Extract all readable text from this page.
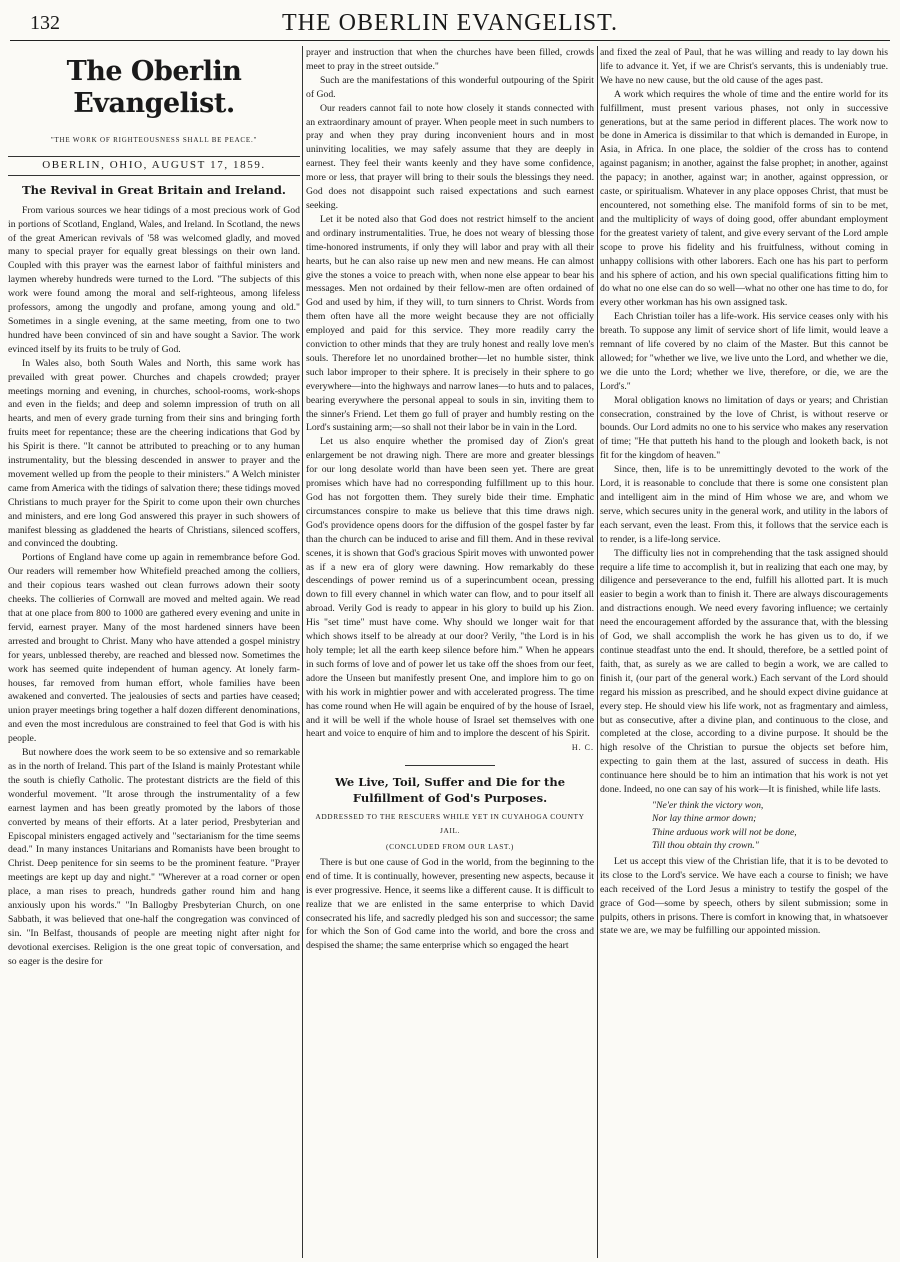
132	THE OBERLIN EVANGELIST.
The Oberlin Evangelist.
"THE WORK OF RIGHTEOUSNESS SHALL BE PEACE."
OBERLIN, OHIO, AUGUST 17, 1859.
The Revival in Great Britain and Ireland.

From various sources we hear tidings of a most precious work of God in portions of Scotland, England, Wales, and Ireland. In Scotland, the news of the great American revivals of '58 was welcomed gladly, and moved many to special prayer for equally great blessings on their own land. Coupled with this prayer was the earnest labor of faithful ministers and laymen whereby hundreds were turned to the Lord. "The subjects of this work were found among the moral and self-righteous, among lifeless professors, among the ungodly and profane, among young and old." Sometimes in a single evening, at the same meeting, from one to two hundred have been convinced of sin and have sought a Savior. The work evinced itself by its fruits to be truly of God.

In Wales also, both South Wales and North, this same work has prevailed with great power. Churches and chapels crowded; prayer meetings morning and evening, in churches, school-rooms, work-shops and even in the fields; and deep and solemn impression of truth on all hearts, and men of every grade turning from their sins and bringing forth fruits meet for repentance; these are the cheering indications that God by his Spirit is there. "It cannot be attributed to preaching or to any human instrumentality, but the blessing descended in answer to prayer and the movement welled up from the people to their ministers." A Welch minister came from America with the tidings of salvation there; these tidings moved Christians to much prayer for the Spirit to come upon their own churches and ministers, and ere long God answered this prayer in such showers of manifest blessing as gladdened the hearts of Christians, silenced scoffers, and convinced the doubting.

Portions of England have come up again in remembrance before God. Our readers will remember how Whitefield preached among the colliers, and their copious tears washed out clean furrows adown their sooty cheeks. The collieries of Cornwall are moved and melted again. We read that at one place from 800 to 1000 are gathered every evening and unite in fervid, earnest prayer. Many of the most hardened sinners have been arrested and brought to Christ. Many who have attended a gospel ministry for years, unblessed thereby, are reached and blessed now. Sometimes the work has seemed quite independent of human agency. At lonely farm-houses, far removed from human effort, whole families have been awakened and converted. The jealousies of sects and parties have ceased; union prayer meetings bring together a half dozen different denominations, and even the most incredulous are constrained to feel that God is with his people.

But nowhere does the work seem to be so extensive and so remarkable as in the north of Ireland. This part of the Island is mainly Protestant while the south is chiefly Catholic. The protestant districts are the field of this wonderful movement. "It arose through the instrumentality of a few earnest laymen and has been greatly promoted by the labors of those converted by means of their efforts. At a later period, Presbyterian and Episcopal ministers engaged actively and "sectarianism for the time seems dead." In many instances Unitarians and Romanists have been brought to Christ. Deep penitence for sin seems to be the prominent feature. "Prayer meetings are kept up day and night." "Wherever at a road corner or open place, a man rises to preach, hundreds gather round him and hang anxiously upon his words." "In Ballogby Presbyterian Church, on one Sabbath, it was believed that one-half the congregation was convinced of sin. "In Belfast, thousands of people are meeting night after night for devotional exercises. Religion is the one great topic of conversation, and so eager is the desire for

prayer and instruction that when the churches have been filled, crowds meet to pray in the street outside."

Such are the manifestations of this wonderful outpouring of the Spirit of God.

Our readers cannot fail to note how closely it stands connected with an extraordinary amount of prayer. When people meet in such numbers to pray and when they pray during inconvenient hours and in most uninviting localities, we may safely assume that they are deeply in earnest. They feel their wants keenly and they have some confidence, more or less, that prayer will bring to their souls the blessings they need. God does not disappoint such raised expectations and such earnest seeking.

Let it be noted also that God does not restrict himself to the ancient and ordinary instrumentalities. True, he does not weary of blessing those time-honored instruments, if only they will labor and pray with all their hearts, but he can also raise up new men and new means. He can almost give the stones a voice to preach with, when none else appear to bear his messages. Men not ordained by their fellow-men are often ordained of God and used by him, if they will, to turn sinners to Christ. Words from them often have all the more weight because they are not officially employed and paid for this service. They more readily carry the conviction to other minds that they are truly honest and really love men's souls. Therefore let no unordained brother—let no humble sister, think such labor improper to their sphere. It is precisely in their sphere to go everywhere—into the highways and narrow lanes—to huts and to palaces, bearing everywhere the personal appeal to souls in sin, inviting them to the sinner's Friend. Let them go full of prayer and humbly resting on the Lord's sustaining arm;—so shall not their labor be in vain in the Lord.

Let us also enquire whether the promised day of Zion's great enlargement be not drawing nigh. There are more and greater blessings for our long desolate world than have been seen yet. There are great promises which have had no corresponding fulfillment up to this hour. God has not forgotten them. They surely bide their time. Emphatic circumstances conspire to make us believe that this time draws nigh. God's providence opens doors for the diffusion of the gospel faster by far than the church can be induced to arise and fill them. And in these revival scenes, it is shown that God's gracious Spirit moves with unwonted power as if a new era of glory were dawning. How remarkably do these descendings of power remind us of a superincumbent ocean, pressing down to fill every channel in which water can flow, and to pour itself all abroad. Verily God is ready to appear in his glory to build up his Zion. His "set time" must have come. Why should we longer wait for that which shows itself to be already at our door? Verily, "the Lord is in his holy temple; let all the earth keep silence before him." When he appears in such forms of love and of power let us take off the shoes from our feet, adore the Unseen but manifestly present One, and implore him to go on with his work in mightier power and with accelerated progress. The time has come round when He will again be enquired of by the house of Israel, and it will be well if the whole house of Israel set themselves with one heart and voice to enquire of him and to implore the descent of his Spirit.

H. C.
We Live, Toil, Suffer and Die for the Fulfillment of God's Purposes.
ADDRESSED TO THE RESCUERS WHILE YET IN CUYAHOGA COUNTY JAIL.
(CONCLUDED FROM OUR LAST.)

There is but one cause of God in the world, from the beginning to the end of time. It is continually, however, presenting new aspects, because it is ever progressive. Hence, it seems like a different cause. It is difficult to realize that we are enlisted in the same enterprise to which David consecrated his life, and sacredly pledged his son and successor; the same for which the Son of God came into the world, and bore the cross and despised the shame; the same enterprise which so engaged the heart

and fixed the zeal of Paul, that he was willing and ready to lay down his life to advance it. Yet, if we are Christ's servants, this is undeniably true. We have no new cause, but the old cause of the ages past.

A work which requires the whole of time and the entire world for its fulfillment, must present various phases, not only in successive generations, but at the same period in different places. The work now to be done in America is dissimilar to that which is demanded in Europe, in Asia, in Africa. In one place, the soldier of the cross has to contend against paganism; in another, against the false prophet; in another, against the papacy; in another, against war; in another, against oppression, or caste, or spiritualism. Whatever in any place opposes Christ, that must be encountered, not something else. The manifold forms of sin to be met, and the multiplicity of ways of doing good, offer abundant employment for the greatest variety of talent, and give every servant of the Lord ample scope to prove his fidelity and his fruitfulness, without coming in unhappy collisions with other laborers. Each one has his part to perform and his sphere of action, and his own special qualifications fitting him to do what no one else can do so well—what no other one has time to do, for every other workman has his own assigned task.

Each Christian toiler has a life-work. His service ceases only with his breath. To suppose any limit of service short of life limit, would leave a remnant of life covered by no claim of the Master. But this cannot be allowed; for "whether we live, we live unto the Lord, and whether we die, we die unto the Lord; whether we live, therefore, or die, we are the Lord's."

Moral obligation knows no limitation of days or years; and Christian consecration, constrained by the love of Christ, is without reserve or bounds. Our Lord admits no one to his service who makes any reservation of time; "He that putteth his hand to the plough and looketh back, is not fit for the kingdom of heaven."

Since, then, life is to be unremittingly devoted to the work of the Lord, it is reasonable to conclude that there is some one consistent plan and intelligent aim in the mind of Him whose we are, and whom we serve, which secures unity in the general work, and utility in the labors of each servant, even the least. From this, it follows that the service each is to render, is a life-long service.

The difficulty lies not in comprehending that the task assigned should require a life time to accomplish it, but in realizing that each one may, by diligence and perseverance to the end, fulfill his allotted part. It is much easier to begin a work than to finish it. There are always discouragements and distractions enough. We need every favoring influence; we certainly need the encouragement afforded by the assurance that, with the blessing of God, we shall accomplish the work he has given us to do, if we continue steadfast unto the end. It should, therefore, be a settled point of faith, that, as surely as we are called to begin a work, we are called to finish it, (our part of the general work.) Each servant of the Lord should regard his mission as prescribed, and he should expect divine guidance at every step. He should view his life work, not as fragmentary and aimless, but as consecutive, after a divine plan, and continuous to the close, and completed at the close, according to a divine purpose. It should be the high resolve of the Christian to pursue the objects set before him, expecting to gain them at the last, assured of success in death. His continuance here should be to him an intimation that his work is not yet done. Indeed, no one can say of his work—It is finished, while life lasts.

"Ne'er think the victory won,
Nor lay thine armor down;
Thine arduous work will not be done,
Till thou obtain thy crown."

Let us accept this view of the Christian life, that it is to be devoted to its close to the Lord's service. We have each a course to finish; we have each received of the Lord Jesus a ministry to testify the gospel of the grace of God—some by speech, others by silent submission; some in pulpits, others in prisons. There is comfort in knowing that, in whatsoever state we are, we may be fulfilling our appointed mission.
